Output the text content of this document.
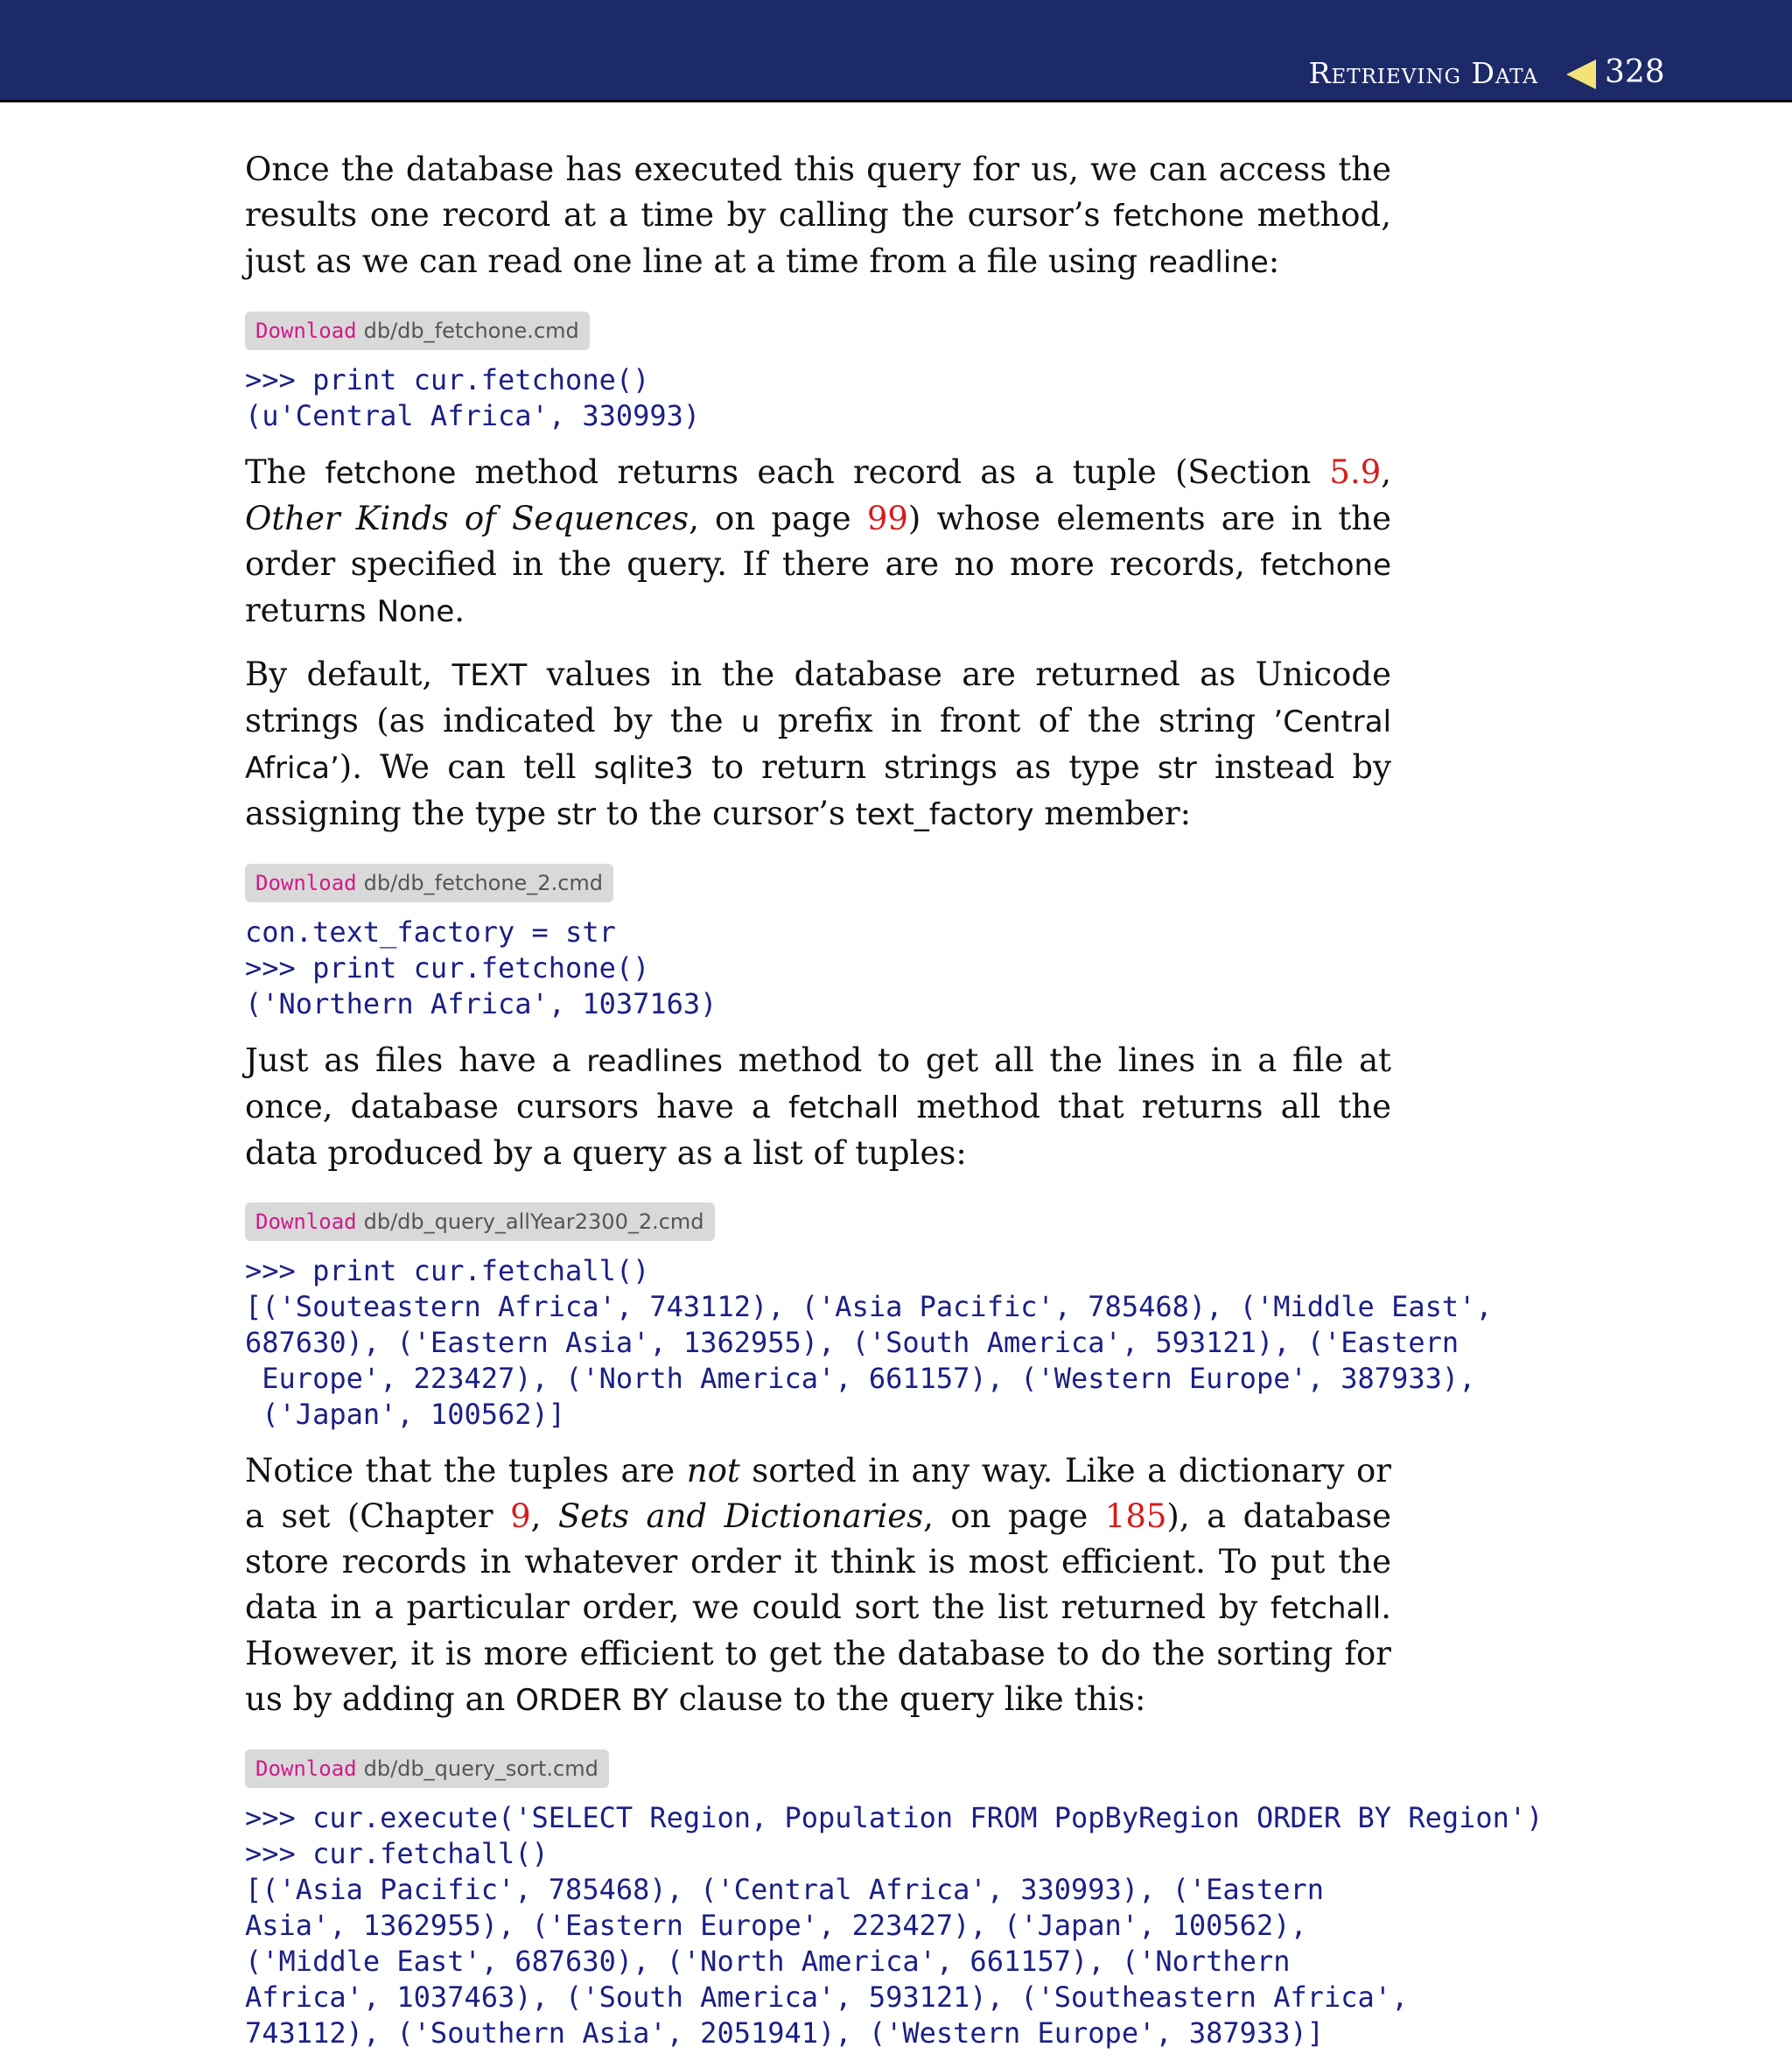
Retrieving Data 328

Once the database has executed this query for us, we can access the results one record at a time by calling the cursor’s fetchone method, just as we can read one line at a time from a file using readline:

Download db/db_fetchone.cmd
>>> print cur.fetchone()
(u'Central Africa', 330993)

The fetchone method returns each record as a tuple (Section 5.9, Other Kinds of Sequences, on page 99) whose elements are in the order specified in the query. If there are no more records, fetchone returns None.

By default, TEXT values in the database are returned as Unicode strings (as indicated by the u prefix in front of the string ’Central Africa’). We can tell sqlite3 to return strings as type str instead by assigning the type str to the cursor’s text_factory member:

Download db/db_fetchone_2.cmd
con.text_factory = str
>>> print cur.fetchone()
('Northern Africa', 1037163)

Just as files have a readlines method to get all the lines in a file at once, database cursors have a fetchall method that returns all the data produced by a query as a list of tuples:

Download db/db_query_allYear2300_2.cmd
>>> print cur.fetchall()
[('Souteastern Africa', 743112), ('Asia Pacific', 785468), ('Middle East',
687630), ('Eastern Asia', 1362955), ('South America', 593121), ('Eastern
Europe', 223427), ('North America', 661157), ('Western Europe', 387933),
('Japan', 100562)]

Notice that the tuples are not sorted in any way. Like a dictionary or a set (Chapter 9, Sets and Dictionaries, on page 185), a database store records in whatever order it think is most efficient. To put the data in a particular order, we could sort the list returned by fetchall. However, it is more efficient to get the database to do the sorting for us by adding an ORDER BY clause to the query like this:

Download db/db_query_sort.cmd
>>> cur.execute('SELECT Region, Population FROM PopByRegion ORDER BY Region')
>>> cur.fetchall()
[('Asia Pacific', 785468), ('Central Africa', 330993), ('Eastern
Asia', 1362955), ('Eastern Europe', 223427), ('Japan', 100562),
('Middle East', 687630), ('North America', 661157), ('Northern
Africa', 1037463), ('South America', 593121), ('Southeastern Africa',
743112), ('Southern Asia', 2051941), ('Western Europe', 387933)]
